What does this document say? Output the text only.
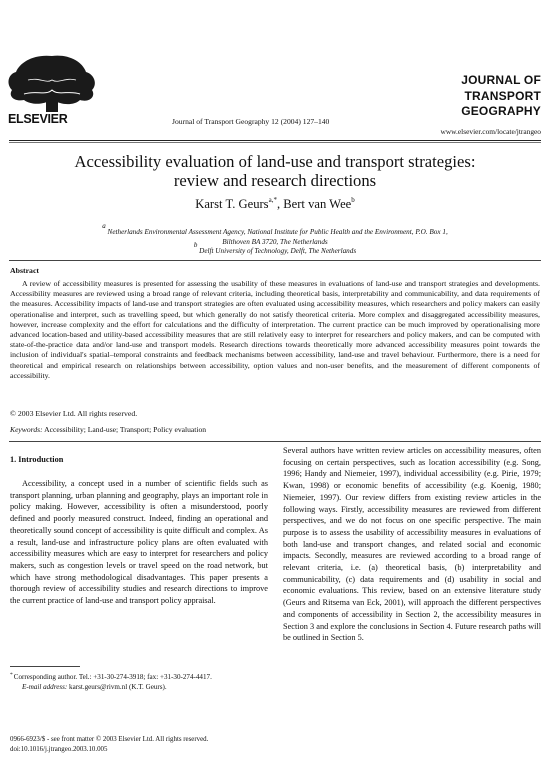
ELSEVIER	Journal of Transport Geography 12 (2004) 127–140
JOURNAL OF
TRANSPORT
GEOGRAPHY
www.elsevier.com/locate/jtrangeo
Accessibility evaluation of land-use and transport strategies:
review and research directions
Karst T. Geurs$^{a,*}$, Bert van Wee$^b$
$^a$ Netherlands Environmental Assessment Agency, National Institute for Public Health and the Environment, P.O. Box 1,
Bilthoven BA 3720, The Netherlands
$^b$ Delft University of Technology, Delft, The Netherlands
Abstract
A review of accessibility measures is presented for assessing the usability of these measures in evaluations of land-use and transport strategies and developments. Accessibility measures are reviewed using a broad range of relevant criteria, including theoretical basis, interpretability and communicability, and data requirements of the measures. Accessibility impacts of land-use and transport strategies are often evaluated using accessibility measures, which researchers and policy makers can easily operationalise and interpret, such as travelling speed, but which generally do not satisfy theoretical criteria. More complex and disaggregated accessibility measures, however, increase complexity and the effort for calculations and the difficulty of interpretation. The current practice can be much improved by operationalising more advanced location-based and utility-based accessibility measures that are still relatively easy to interpret for researchers and policy makers, and can be computed with state-of-the-practice data and/or land-use and transport models. Research directions towards theoretically more advanced accessibility measures point towards the inclusion of individual's spatial–temporal constraints and feedback mechanisms between accessibility, land-use and travel behaviour. Furthermore, there is a need for theoretical and empirical research on relationships between accessibility, option values and non-user benefits, and the measurement of different components of accessibility.
© 2003 Elsevier Ltd. All rights reserved.
Keywords: Accessibility; Land-use; Transport; Policy evaluation
1. Introduction
Accessibility, a concept used in a number of scientific fields such as transport planning, urban planning and geography, plays an important role in policy making. However, accessibility is often a misunderstood, poorly defined and poorly measured construct. Indeed, finding an operational and theoretically sound concept of accessibility is quite difficult and complex. As a result, land-use and infrastructure policy plans are often evaluated with accessibility measures which are easy to interpret for researchers and policy makers, such as congestion levels or travel speed on the road network, but which have strong methodological disadvantages. This paper presents a thorough review of accessibility studies and research directions to improve the current practice of land-use and transport policy appraisal.
Several authors have written review articles on accessibility measures, often focusing on certain perspectives, such as location accessibility (e.g. Song, 1996; Handy and Niemeier, 1997), individual accessibility (e.g. Pirie, 1979; Kwan, 1998) or economic benefits of accessibility (e.g. Koenig, 1980; Niemeier, 1997). Our review differs from existing review articles in the following ways. Firstly, accessibility measures are reviewed from different perspectives, and we do not focus on one specific perspective. The main purpose is to assess the usability of accessibility measures in evaluations of both land-use and transport changes, and related social and economic impacts. Secondly, measures are reviewed according to a broad range of relevant criteria, i.e. (a) theoretical basis, (b) interpretability and communicability, (c) data requirements and (d) usability in social and economic evaluations. This review, based on an extensive literature study (Geurs and Ritsema van Eck, 2001), will approach the different perspectives and components of accessibility in Section 2, the accessibility measures in Section 3 and explore the conclusions in Section 4. Future research paths will be outlined in Section 5.
*Corresponding author. Tel.: +31-30-274-3918; fax: +31-30-274-4417.
E-mail address: karst.geurs@rivm.nl (K.T. Geurs).
0966-6923/$ - see front matter © 2003 Elsevier Ltd. All rights reserved.
doi:10.1016/j.jtrangeo.2003.10.005
